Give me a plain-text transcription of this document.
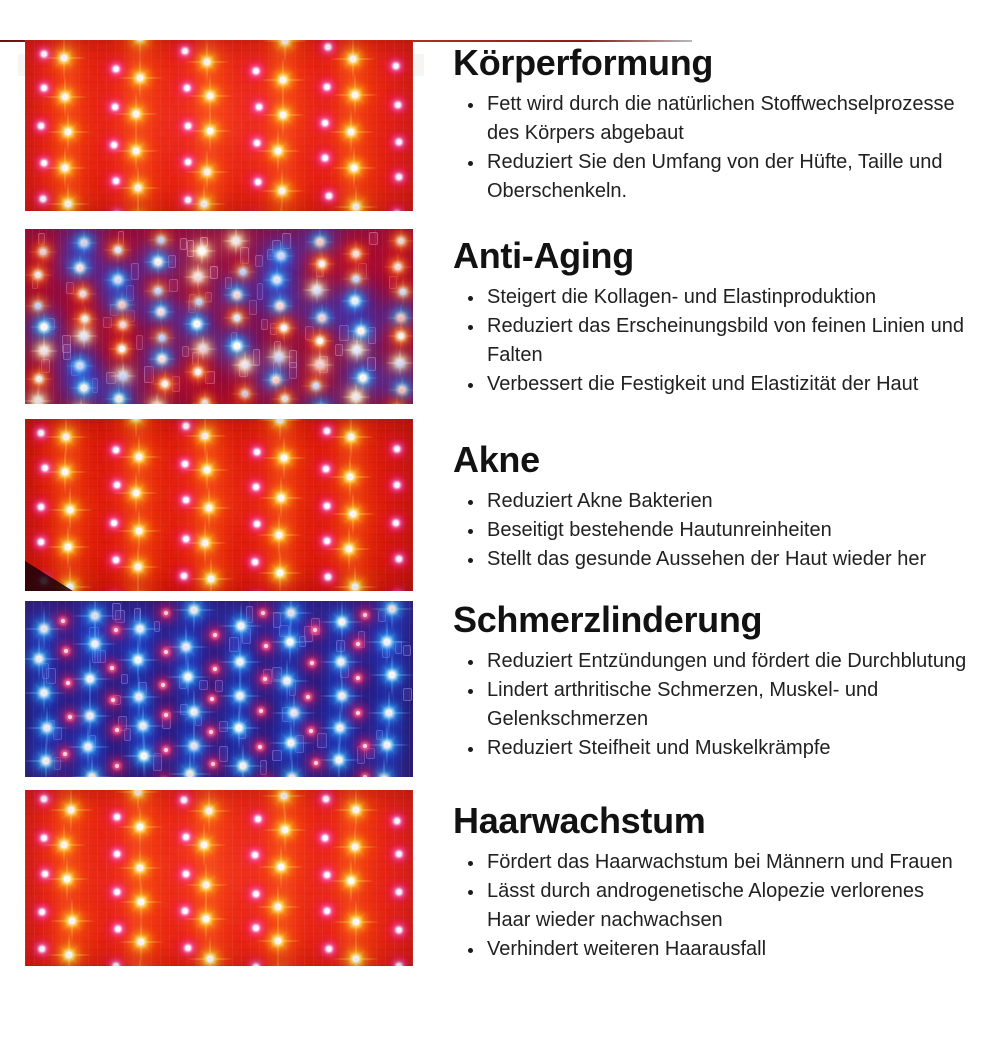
Körperformung
• Fett wird durch die natürlichen Stoffwechselprozesse des Körpers abgebaut
• Reduziert Sie den Umfang von der Hüfte, Taille und Oberschenkeln.
Anti-Aging
• Steigert die Kollagen- und Elastinproduktion
• Reduziert das Erscheinungsbild von feinen Linien und Falten
• Verbessert die Festigkeit und Elastizität der Haut
Akne
• Reduziert Akne Bakterien
• Beseitigt bestehende Hautunreinheiten
• Stellt das gesunde Aussehen der Haut wieder her
Schmerzlinderung
• Reduziert Entzündungen und fördert die Durchblutung
• Lindert arthritische Schmerzen, Muskel- und Gelenkschmerzen
• Reduziert Steifheit und Muskelkrämpfe
Haarwachstum
• Fördert das Haarwachstum bei Männern und Frauen
• Lässt durch androgenetische Alopezie verlorenes Haar wieder nachwachsen
• Verhindert weiteren Haarausfall
